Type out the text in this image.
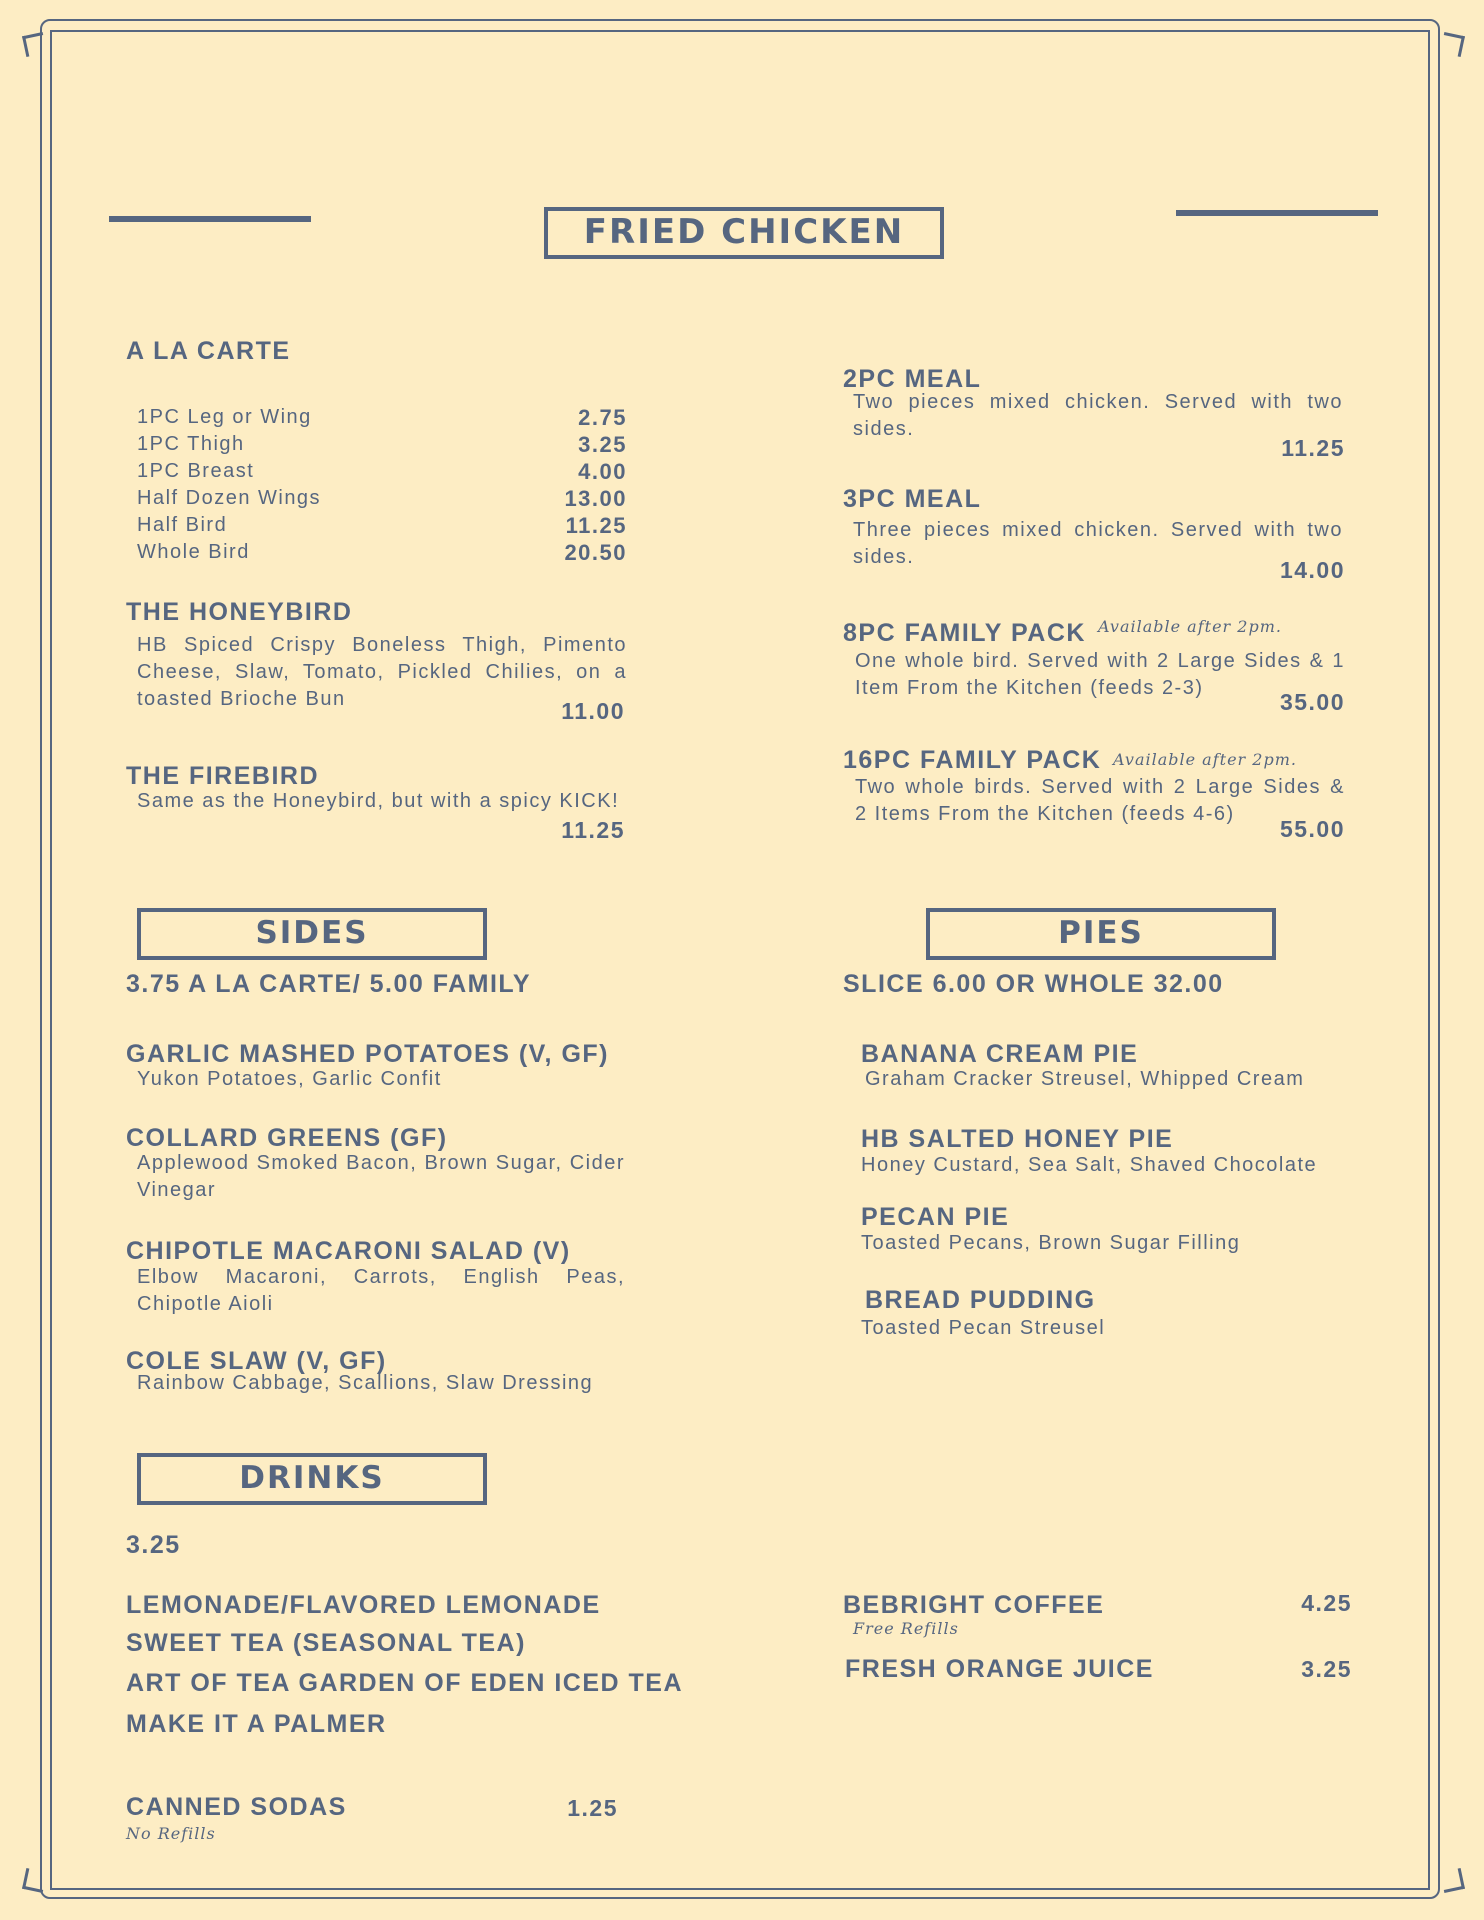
FRIED CHICKEN
A LA CARTE
1PC Leg or Wing	2.75
1PC Thigh	3.25
1PC Breast	4.00
Half Dozen Wings	13.00
Half Bird	11.25
Whole Bird	20.50
THE HONEYBIRD
HB Spiced Crispy Boneless Thigh, Pimento Cheese, Slaw, Tomato, Pickled Chilies, on a toasted Brioche Bun	11.00
THE FIREBIRD
Same as the Honeybird, but with a spicy KICK!
11.25
2PC MEAL
Two pieces mixed chicken. Served with two sides.
11.25
3PC MEAL
Three pieces mixed chicken. Served with two sides.	14.00
8PC FAMILY PACK Available after 2pm.
One whole bird. Served with 2 Large Sides & 1 Item From the Kitchen (feeds 2-3)
35.00
16PC FAMILY PACK Available after 2pm.
Two whole birds. Served with 2 Large Sides & 2 Items From the Kitchen (feeds 4-6)
55.00
SIDES
3.75 A LA CARTE/ 5.00 FAMILY
GARLIC MASHED POTATOES (V, GF)
Yukon Potatoes, Garlic Confit
COLLARD GREENS (GF)
Applewood Smoked Bacon, Brown Sugar, Cider Vinegar
CHIPOTLE MACARONI SALAD (V)
Elbow Macaroni, Carrots, English Peas, Chipotle Aioli
COLE SLAW (V, GF)
Rainbow Cabbage, Scallions, Slaw Dressing
PIES
SLICE 6.00 OR WHOLE 32.00
BANANA CREAM PIE
Graham Cracker Streusel, Whipped Cream
HB SALTED HONEY PIE
Honey Custard, Sea Salt, Shaved Chocolate
PECAN PIE
Toasted Pecans, Brown Sugar Filling
BREAD PUDDING
Toasted Pecan Streusel
DRINKS
3.25
LEMONADE/FLAVORED LEMONADE
SWEET TEA (SEASONAL TEA)
ART OF TEA GARDEN OF EDEN ICED TEA
MAKE IT A PALMER
CANNED SODAS	1.25
No Refills
BEBRIGHT COFFEE	4.25
Free Refills
FRESH ORANGE JUICE	3.25
